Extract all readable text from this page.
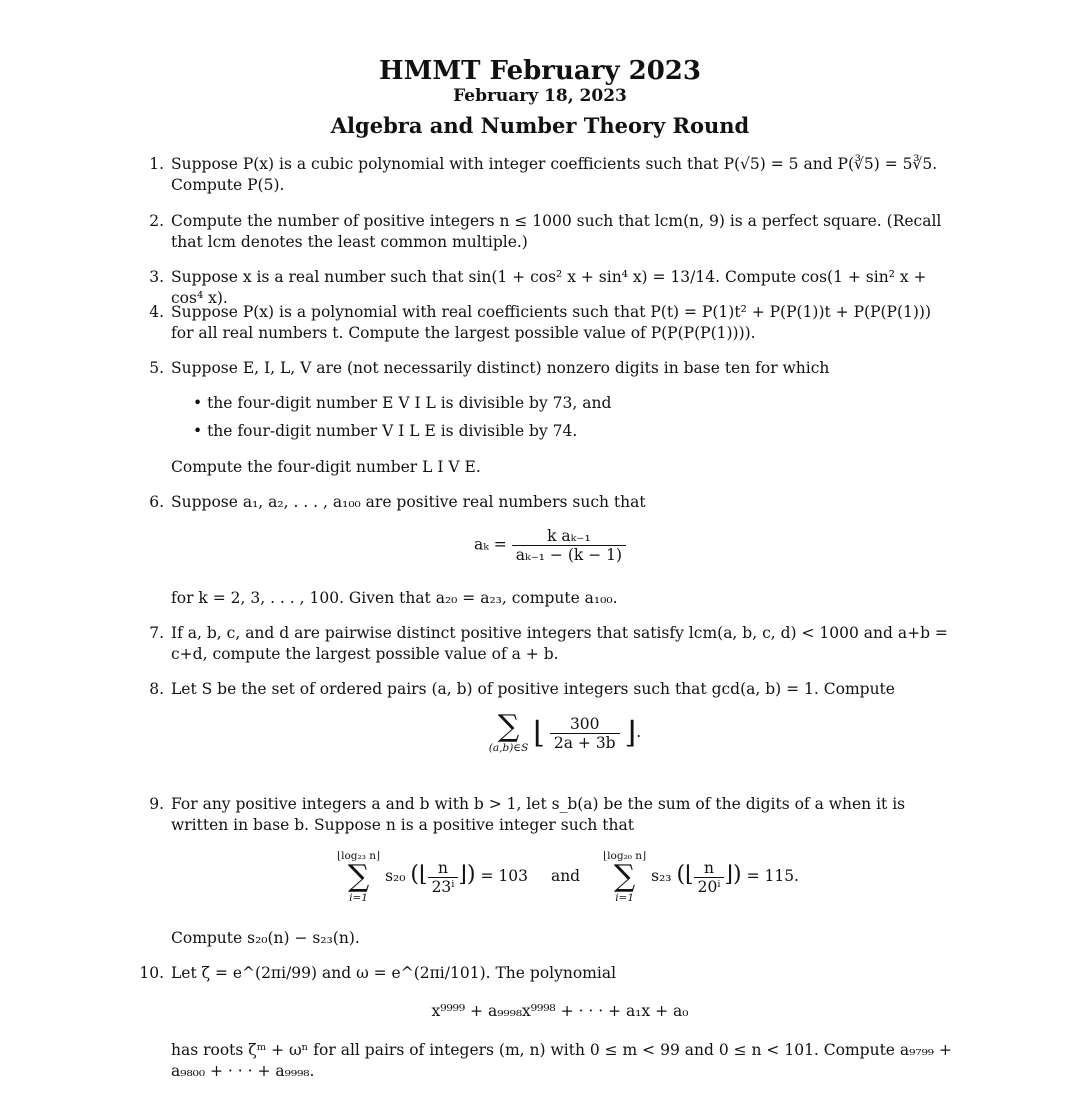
HMMT February 2023
February 18, 2023
Algebra and Number Theory Round
1. Suppose P(x) is a cubic polynomial with integer coefficients such that P(√5) = 5 and P(∛5) = 5∛5. Compute P(5).
2. Compute the number of positive integers n ≤ 1000 such that lcm(n, 9) is a perfect square. (Recall that lcm denotes the least common multiple.)
3. Suppose x is a real number such that sin(1 + cos² x + sin⁴ x) = 13/14. Compute cos(1 + sin² x + cos⁴ x).
4. Suppose P(x) is a polynomial with real coefficients such that P(t) = P(1)t² + P(P(1))t + P(P(P(1))) for all real numbers t. Compute the largest possible value of P(P(P(P(1)))).
5. Suppose E, I, L, V are (not necessarily distinct) nonzero digits in base ten for which
• the four-digit number E V I L is divisible by 73, and
• the four-digit number V I L E is divisible by 74.
Compute the four-digit number L I V E.
6. Suppose a₁, a₂, . . . , a₁₀₀ are positive real numbers such that
$a_k = \frac{\text{k aₖ₋₁}}{\text{aₖ₋₁ − (k − 1)}}$
for k = 2, 3, . . . , 100. Given that a₂₀ = a₂₃, compute a₁₀₀.
7. If a, b, c, and d are pairwise distinct positive integers that satisfy lcm(a, b, c, d) < 1000 and a+b = c+d, compute the largest possible value of a + b.
8. Let S be the set of ordered pairs (a, b) of positive integers such that gcd(a, b) = 1. Compute
∑
(a,b)∈S ⌊ $\frac{300}{2a + 3b}$ ⌋.
9. For any positive integers a and b with b > 1, let s_b(a) be the sum of the digits of a when it is written in base b. Suppose n is a positive integer such that
⌊log₂₃ n⌋
∑
i=1
s₂₀ (⌊ $\frac{n}{\text{23ⁱ}}$ ⌋) = 103 and
⌊log₂₀ n⌋
∑
i=1
s₂₃ (⌊ $\frac{n}{\text{20ⁱ}}$ ⌋) = 115.
Compute s₂₀(n) − s₂₃(n).
10. Let ζ = e^(2πi/99) and ω = e^(2πi/101). The polynomial
x⁹⁹⁹⁹ + a₉₉₉₈x⁹⁹⁹⁸ + · · · + a₁x + a₀
has roots ζᵐ + ωⁿ for all pairs of integers (m, n) with 0 ≤ m < 99 and 0 ≤ n < 101. Compute a₉₇₉₉ + a₉₈₀₀ + · · · + a₉₉₉₈.
